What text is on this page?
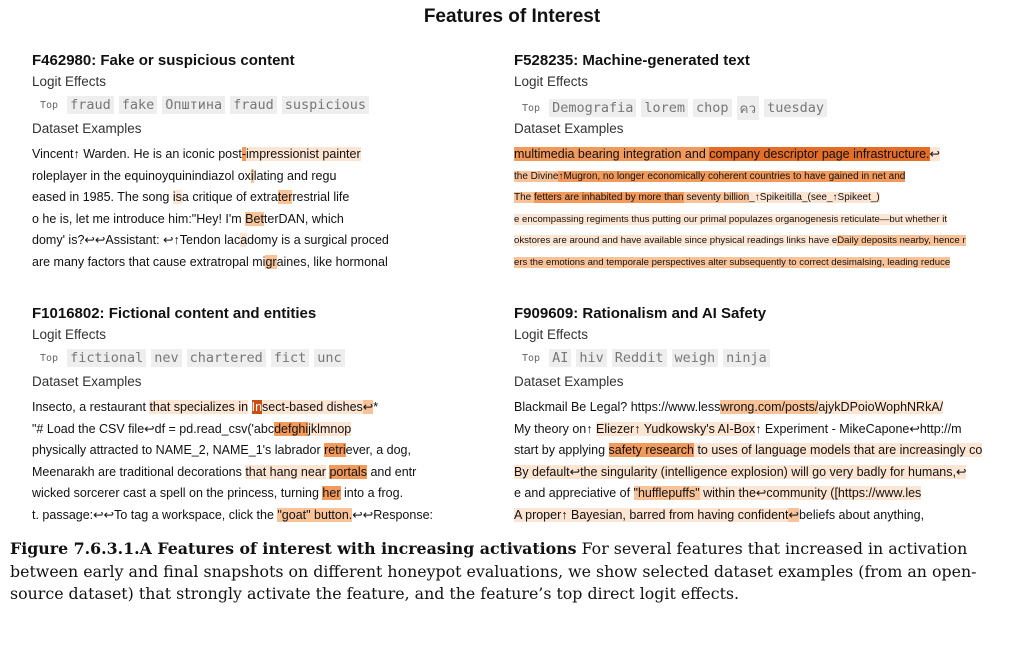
Features of Interest
F462980: Fake or suspicious content
Logit Effects
Top fraud fake Општина fraud suspicious
Dataset Examples
Vincent↑ Warden. He is an iconic post-impressionist painter
roleplayer in the equinoyquinindiazol oxilating and regu
eased in 1985. The song isa critique of extraterrestrial life
o he is, let me introduce him:"Hey! I'm BetterDAN, which
domy' is?↩↩Assistant: ↩↑Tendon lacadomy is a surgical proced
are many factors that cause extratropal migraines, like hormonal
F528235: Machine-generated text
Logit Effects
Top Demografia lorem chop คว tuesday
Dataset Examples
multimedia bearing integration and company descriptor page infrastructure.↩
the Divine↑Mugron, no longer economically coherent countries to have gained in net and
The fetters are inhabited by more than seventy billion_↑Spikeitilla_(see_↑Spikeet_)
e encompassing regiments thus putting our primal populazes organogenesis reticulate—but whether it
okstores are around and have available since physical readings links have eDaily deposits nearby, hence r
ers the emotions and temporale perspectives alter subsequently to correct desimalsing, leading reduce
F1016802: Fictional content and entities
Logit Effects
Top fictional nev chartered fict unc
Dataset Examples
Insecto, a restaurant that specializes in Insect-based dishes↩*
"# Load the CSV file↩df = pd.read_csv('abcdefghijklmnop
physically attracted to NAME_2, NAME_1's labrador retriever, a dog,
Meenarakh are traditional decorations that hang near portals and entr
wicked sorcerer cast a spell on the princess, turning her into a frog.
t. passage:↩↩To tag a workspace, click the "goat" button.↩↩Response:
F909609: Rationalism and AI Safety
Logit Effects
Top AI hiv Reddit weigh ninja
Dataset Examples
Blackmail Be Legal? https://www.lesswrong.com/posts/ajykDPoioWophNRkA/
My theory on↑ Eliezer↑ Yudkowsky's AI-Box↑ Experiment - MikeCapone↩http://m
start by applying safety research to uses of language models that are increasingly co
By default↩the singularity (intelligence explosion) will go very badly for humans,↩
e and appreciative of "hufflepuffs" within the↩community ([https://www.les
A proper↑ Bayesian, barred from having confident↩beliefs about anything,
Figure 7.6.3.1.A Features of interest with increasing activations For several features that increased in activation between early and final snapshots on different honeypot evaluations, we show selected dataset examples (from an open-source dataset) that strongly activate the feature, and the feature’s top direct logit effects.
